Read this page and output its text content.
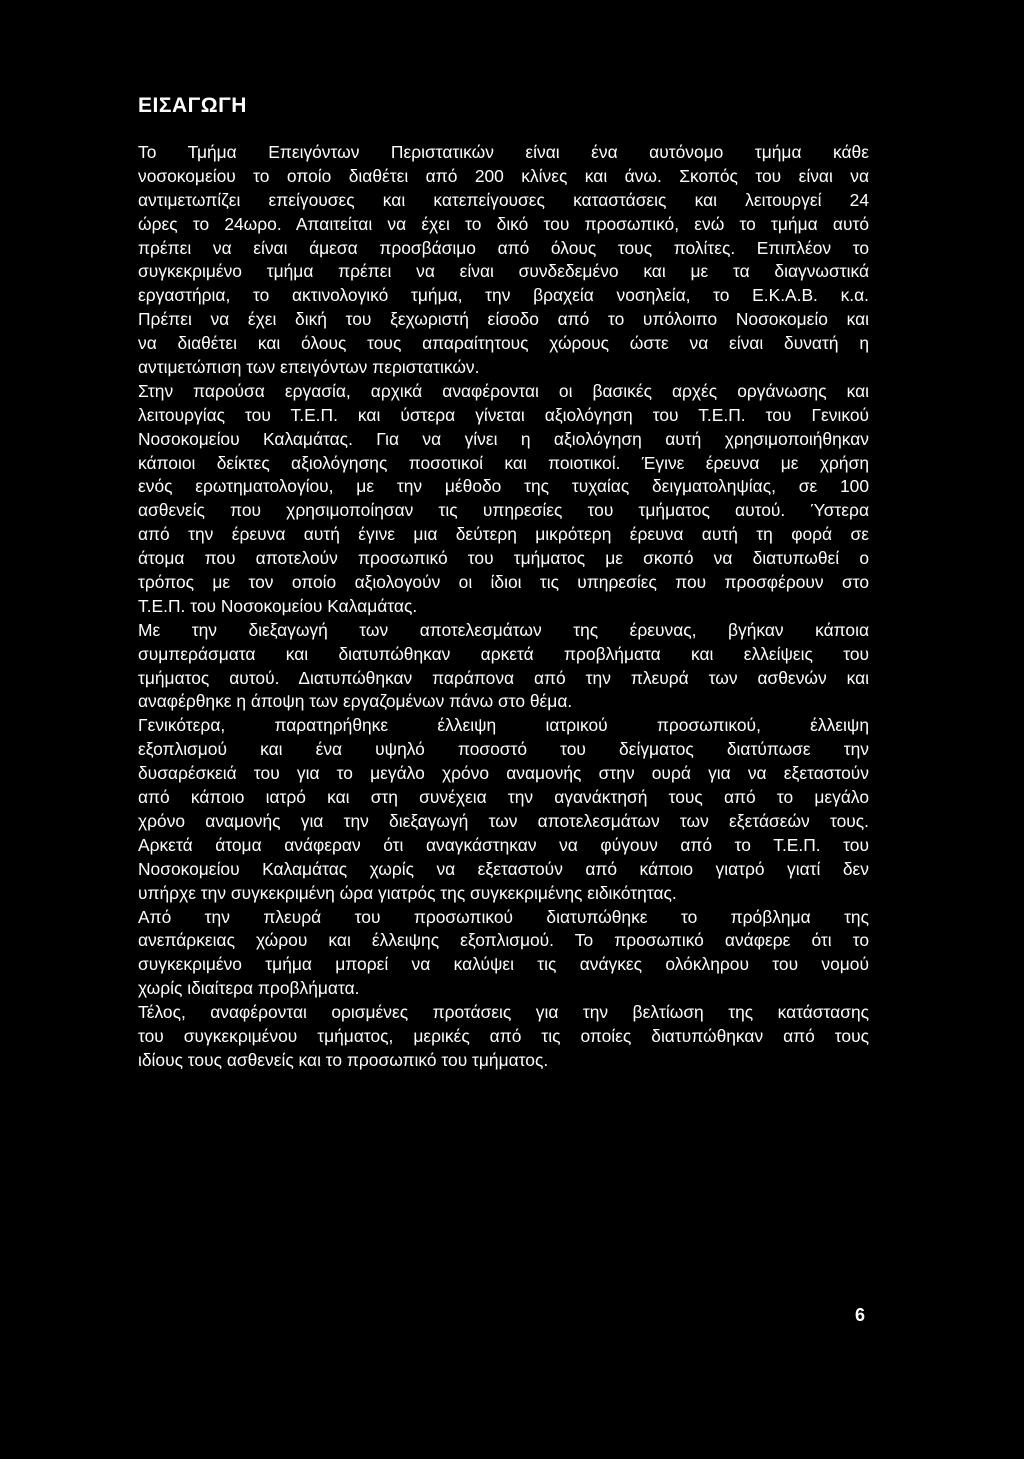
ΕΙΣΑΓΩΓΗ
Το Τμήμα Επειγόντων Περιστατικών είναι ένα αυτόνομο τμήμα κάθε
νοσοκομείου το οποίο διαθέτει από 200 κλίνες και άνω. Σκοπός του είναι να
αντιμετωπίζει επείγουσες και κατεπείγουσες καταστάσεις και λειτουργεί 24
ώρες το 24ωρο. Απαιτείται να έχει το δικό του προσωπικό, ενώ το τμήμα αυτό
πρέπει να είναι άμεσα προσβάσιμο από όλους τους πολίτες. Επιπλέον το
συγκεκριμένο τμήμα πρέπει να είναι συνδεδεμένο και με τα διαγνωστικά
εργαστήρια, το ακτινολογικό τμήμα, την βραχεία νοσηλεία, το Ε.Κ.Α.Β. κ.α.
Πρέπει να έχει δική του ξεχωριστή είσοδο από το υπόλοιπο Νοσοκομείο και
να διαθέτει και όλους τους απαραίτητους χώρους ώστε να είναι δυνατή η
αντιμετώπιση των επειγόντων περιστατικών.
Στην παρούσα εργασία, αρχικά αναφέρονται οι βασικές αρχές οργάνωσης και
λειτουργίας του Τ.Ε.Π. και ύστερα γίνεται αξιολόγηση του Τ.Ε.Π. του Γενικού
Νοσοκομείου Καλαμάτας. Για να γίνει η αξιολόγηση αυτή χρησιμοποιήθηκαν
κάποιοι δείκτες αξιολόγησης ποσοτικοί και ποιοτικοί. Έγινε έρευνα με χρήση
ενός ερωτηματολογίου, με την μέθοδο της τυχαίας δειγματοληψίας, σε 100
ασθενείς που χρησιμοποίησαν τις υπηρεσίες του τμήματος αυτού. Ύστερα
από την έρευνα αυτή έγινε μια δεύτερη μικρότερη έρευνα αυτή τη φορά σε
άτομα που αποτελούν προσωπικό του τμήματος με σκοπό να διατυπωθεί ο
τρόπος με τον οποίο αξιολογούν οι ίδιοι τις υπηρεσίες που προσφέρουν στο
Τ.Ε.Π. του Νοσοκομείου Καλαμάτας.
Με την διεξαγωγή των αποτελεσμάτων της έρευνας, βγήκαν κάποια
συμπεράσματα και διατυπώθηκαν αρκετά προβλήματα και ελλείψεις του
τμήματος αυτού. Διατυπώθηκαν παράπονα από την πλευρά των ασθενών και
αναφέρθηκε η άποψη των εργαζομένων πάνω στο θέμα.
Γενικότερα, παρατηρήθηκε έλλειψη ιατρικού προσωπικού, έλλειψη
εξοπλισμού και ένα υψηλό ποσοστό του δείγματος διατύπωσε την
δυσαρέσκειά του για το μεγάλο χρόνο αναμονής στην ουρά για να εξεταστούν
από κάποιο ιατρό και στη συνέχεια την αγανάκτησή τους από το μεγάλο
χρόνο αναμονής για την διεξαγωγή των αποτελεσμάτων των εξετάσεών τους.
Αρκετά άτομα ανάφεραν ότι αναγκάστηκαν να φύγουν από το Τ.Ε.Π. του
Νοσοκομείου Καλαμάτας χωρίς να εξεταστούν από κάποιο γιατρό γιατί δεν
υπήρχε την συγκεκριμένη ώρα γιατρός της συγκεκριμένης ειδικότητας.
Από την πλευρά του προσωπικού διατυπώθηκε το πρόβλημα της
ανεπάρκειας χώρου και έλλειψης εξοπλισμού. Το προσωπικό ανάφερε ότι το
συγκεκριμένο τμήμα μπορεί να καλύψει τις ανάγκες ολόκληρου του νομού
χωρίς ιδιαίτερα προβλήματα.
Τέλος, αναφέρονται ορισμένες προτάσεις για την βελτίωση της κατάστασης
του συγκεκριμένου τμήματος, μερικές από τις οποίες διατυπώθηκαν από τους
ιδίους τους ασθενείς και το προσωπικό του τμήματος.
6
